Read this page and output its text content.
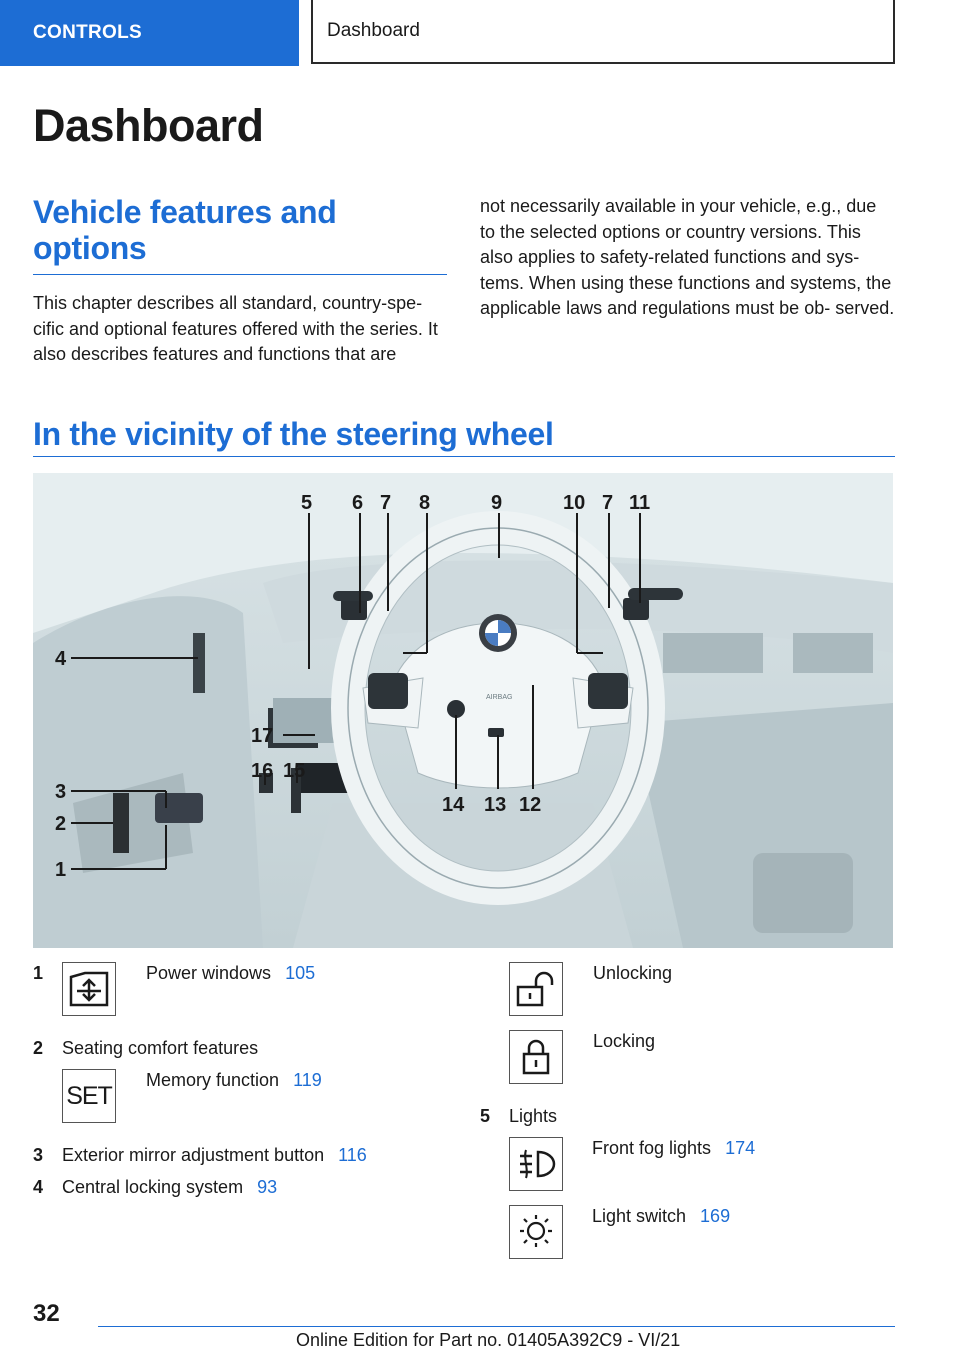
CONTROLS	Dashboard
Dashboard
Vehicle features and options

This chapter describes all standard, country-spe- cific and optional features offered with the series. It also describes features and functions that are

not necessarily available in your vehicle, e.g., due to the selected options or country versions. This also applies to safety-related functions and sys- tems. When using these functions and systems, the applicable laws and regulations must be ob- served.

In the vicinity of the steering wheel
AIRBAG
5 6 7 8	9	10 7 11
4
17
16 15
3
2
1
14 13 12
1	Power windows 105
2 Seating comfort features
SET
Memory function 119
3 Exterior mirror adjustment button 116
4 Central locking system 93
Unlocking
Locking
5 Lights
Front fog lights 174
Light switch 169
32
Online Edition for Part no. 01405A392C9 - VI/21
